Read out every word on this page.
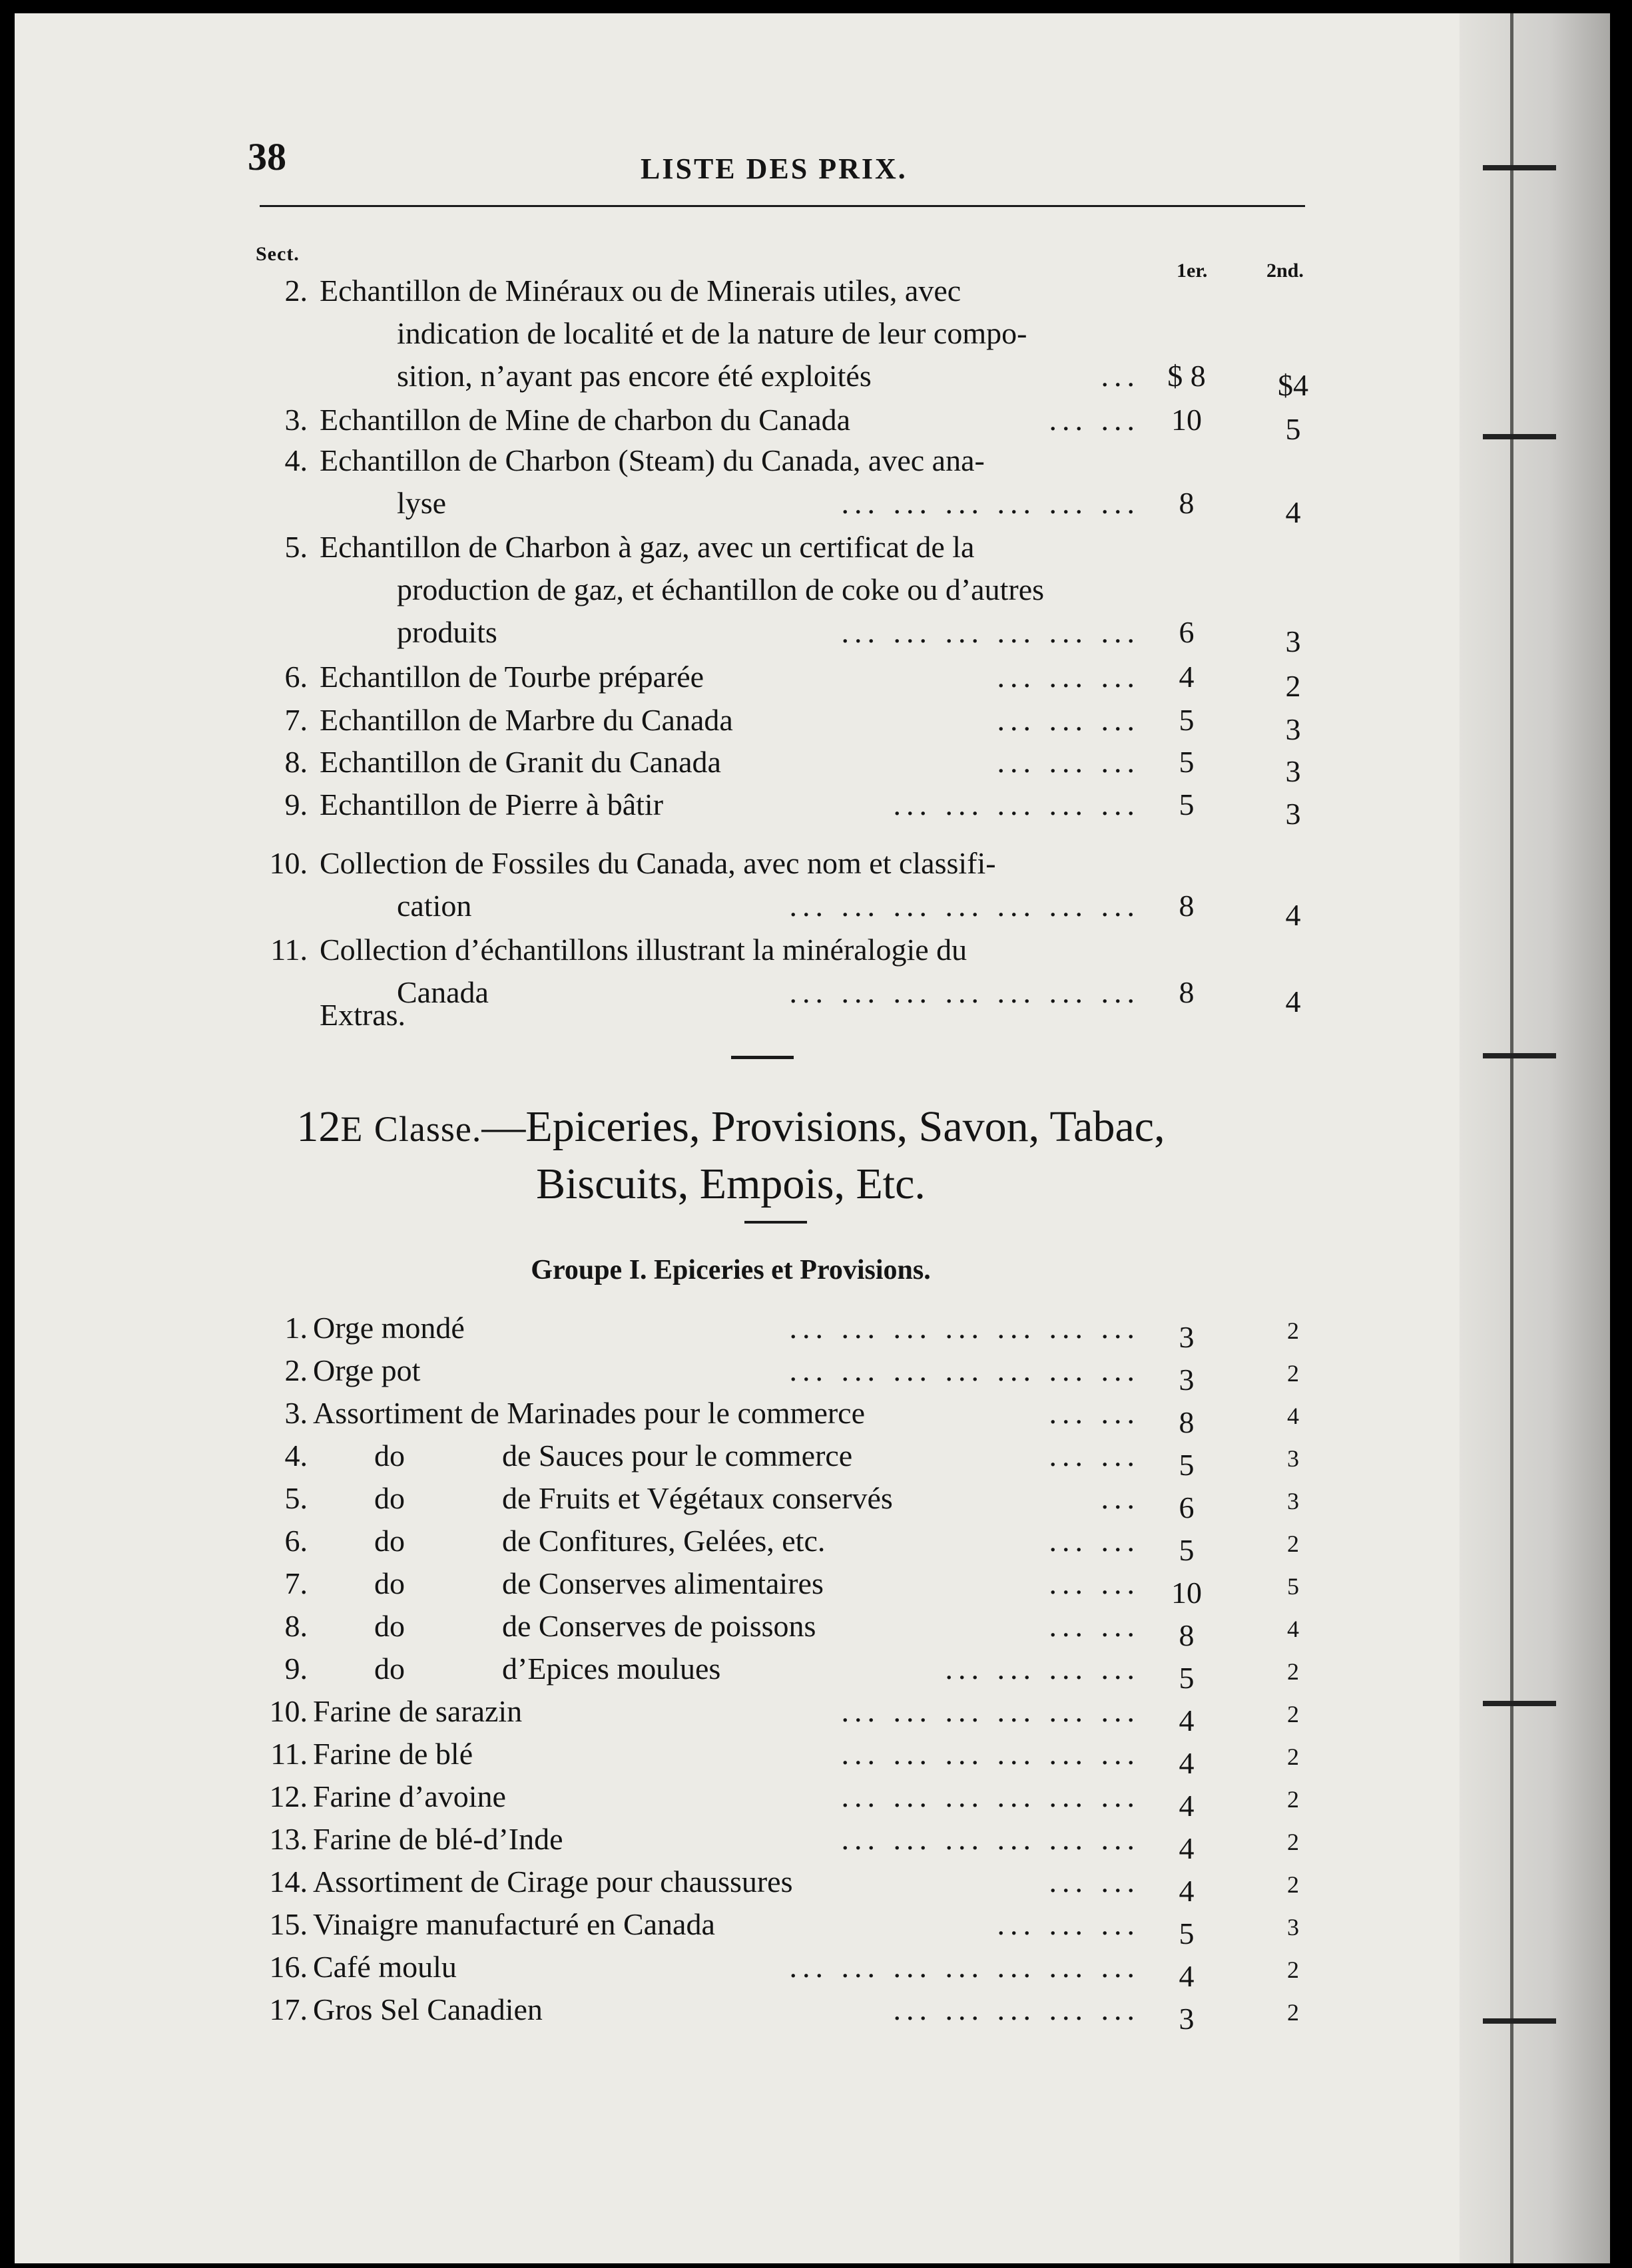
38	LISTE DES PRIX.
Sect.
1er.	2nd.
2. Echantillon de Minéraux ou de Minerais utiles, avec
indication de localité et de la nature de leur compo-
sition, n’ayant pas encore été exploités	... $ 8	$4
3. Echantillon de Mine de charbon du Canada	... ...	10	5
4. Echantillon de Charbon (Steam) du Canada, avec ana-
lyse	... ... ... ... ... ...	8	4
5. Echantillon de Charbon à gaz, avec un certificat de la
production de gaz, et échantillon de coke ou d’autres
produits	... ... ... ... ... ...	6	3
6. Echantillon de Tourbe préparée	... ... ...	4	2
7. Echantillon de Marbre du Canada	... ... ...	5	3
8. Echantillon de Granit du Canada	... ... ...	5	3
9. Echantillon de Pierre à bâtir	... ... ... ... ...	5	3
10. Collection de Fossiles du Canada, avec nom et classifi-
cation	... ... ... ... ... ... ...	8	4
11. Collection d’échantillons illustrant la minéralogie du
Canada	... ... ... ... ... ... ...	8	4
Extras.
12E Classe.—Epiceries, Provisions, Savon, Tabac,
Biscuits, Empois, Etc.
Groupe I. Epiceries et Provisions.
1. Orge mondé	... ... ... ... ... ... ...	3	2
2. Orge pot	... ... ... ... ... ... ...	3	2
3. Assortiment de Marinades pour le commerce	... ...	8	4
4. do	de Sauces pour le commerce	... ...	5	3
5. do	de Fruits et Végétaux conservés	...	6	3
6. do	de Confitures, Gelées, etc.	... ...	5	2
7. do	de Conserves alimentaires	... ...	10	5
8. do	de Conserves de poissons	... ...	8	4
9. do	d’Epices moulues	... ... ... ...	5	2
10. Farine de sarazin	... ... ... ... ... ...	4	2
11. Farine de blé	... ... ... ... ... ...	4	2
12. Farine d’avoine	... ... ... ... ... ...	4	2
13. Farine de blé-d’Inde	... ... ... ... ... ...	4	2
14. Assortiment de Cirage pour chaussures	... ...	4	2
15. Vinaigre manufacturé en Canada	... ... ...	5	3
16. Café moulu	... ... ... ... ... ... ...	4	2
17. Gros Sel Canadien	... ... ... ... ...	3	2
